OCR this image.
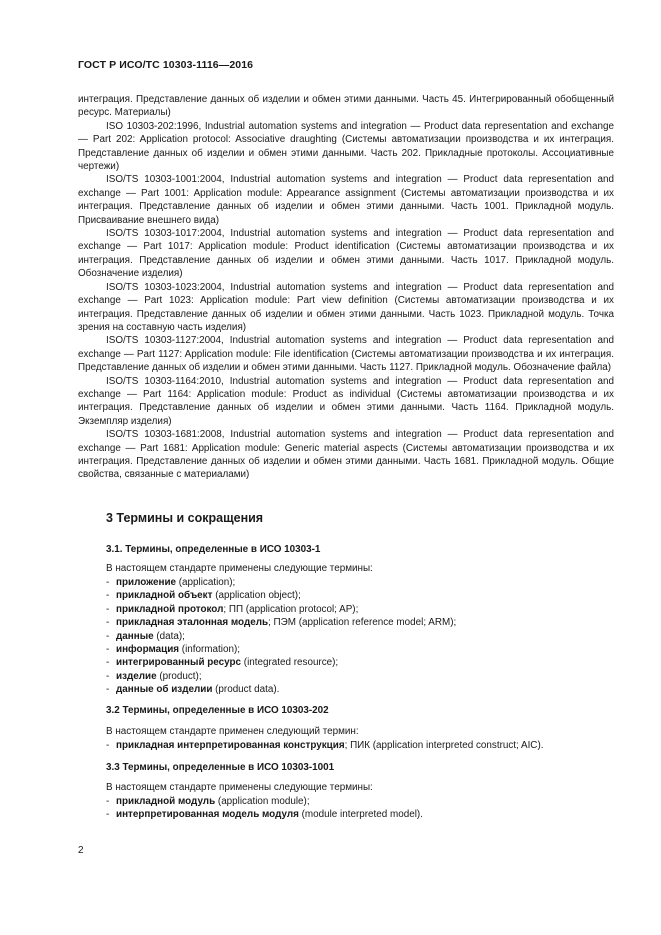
ГОСТ Р ИСО/ТС 10303-1116—2016

интеграция. Представление данных об изделии и обмен этими данными. Часть 45. Интегрированный обобщенный ресурс. Материалы)

ISO 10303-202:1996, Industrial automation systems and integration — Product data representation and exchange — Part 202: Application protocol: Associative draughting (Системы автоматизации производства и их интеграция. Представление данных об изделии и обмен этими данными. Часть 202. Прикладные протоколы. Ассоциативные чертежи)

ISO/TS 10303-1001:2004, Industrial automation systems and integration — Product data representation and exchange — Part 1001: Application module: Appearance assignment (Системы автоматизации производства и их интеграция. Представление данных об изделии и обмен этими данными. Часть 1001. Прикладной модуль. Присваивание внешнего вида)

ISO/TS 10303-1017:2004, Industrial automation systems and integration — Product data representation and exchange — Part 1017: Application module: Product identification (Системы автоматизации производства и их интеграция. Представление данных об изделии и обмен этими данными. Часть 1017. Прикладной модуль. Обозначение изделия)

ISO/TS 10303-1023:2004, Industrial automation systems and integration — Product data representation and exchange — Part 1023: Application module: Part view definition (Системы автоматизации производства и их интеграция. Представление данных об изделии и обмен этими данными. Часть 1023. Прикладной модуль. Точка зрения на составную часть изделия)

ISO/TS 10303-1127:2004, Industrial automation systems and integration — Product data representation and exchange — Part 1127: Application module: File identification (Системы автоматизации производства и их интеграция. Представление данных об изделии и обмен этими данными. Часть 1127. Прикладной модуль. Обозначение файла)

ISO/TS 10303-1164:2010, Industrial automation systems and integration — Product data representation and exchange — Part 1164: Application module: Product as individual (Системы автоматизации производства и их интеграция. Представление данных об изделии и обмен этими данными. Часть 1164. Прикладной модуль. Экземпляр изделия)

ISO/TS 10303-1681:2008, Industrial automation systems and integration — Product data representation and exchange — Part 1681: Application module: Generic material aspects (Системы автоматизации производства и их интеграция. Представление данных об изделии и обмен этими данными. Часть 1681. Прикладной модуль. Общие свойства, связанные с материалами)

3 Термины и сокращения
3.1. Термины, определенные в ИСО 10303-1
В настоящем стандарте применены следующие термины:
- приложение (application);
- прикладной объект (application object);
- прикладной протокол; ПП (application protocol; AP);
- прикладная эталонная модель; ПЭМ (application reference model; ARM);
- данные (data);
- информация (information);
- интегрированный ресурс (integrated resource);
- изделие (product);
- данные об изделии (product data).
3.2 Термины, определенные в ИСО 10303-202
В настоящем стандарте применен следующий термин:
- прикладная интерпретированная конструкция; ПИК (application interpreted construct; AIC).
3.3 Термины, определенные в ИСО 10303-1001
В настоящем стандарте применены следующие термины:
- прикладной модуль (application module);
- интерпретированная модель модуля (module interpreted model).
2
